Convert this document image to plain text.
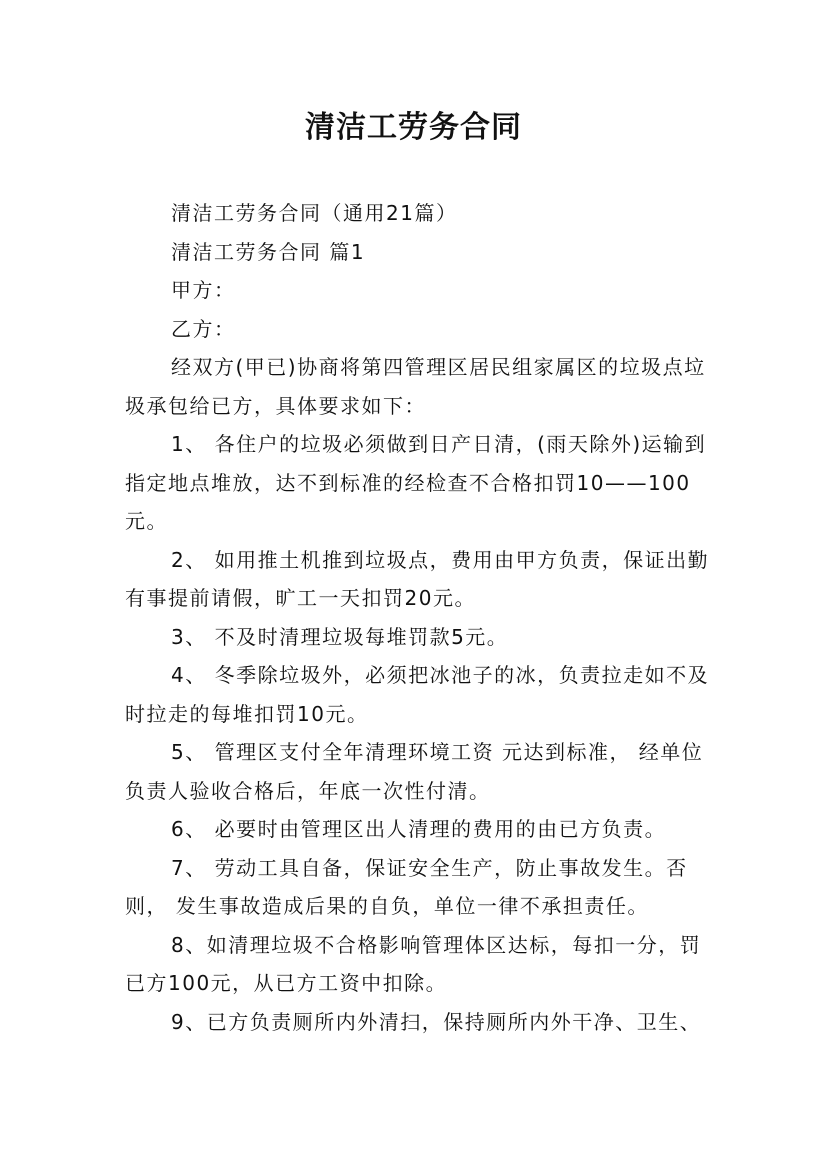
清洁工劳务合同

清洁工劳务合同（通用21篇）

清洁工劳务合同 篇1

甲方：

乙方：

经双方(甲已)协商将第四管理区居民组家属区的垃圾点垃圾承包给已方，具体要求如下：

1、 各住户的垃圾必须做到日产日清，(雨天除外)运输到 指定地点堆放，达不到标准的经检查不合格扣罚10——100元。

2、 如用推土机推到垃圾点，费用由甲方负责，保证出勤 有事提前请假，旷工一天扣罚20元。

3、 不及时清理垃圾每堆罚款5元。

4、 冬季除垃圾外，必须把冰池子的冰，负责拉走如不及时拉走的每堆扣罚10元。

5、 管理区支付全年清理环境工资 元达到标准， 经单位负责人验收合格后，年底一次性付清。

6、 必要时由管理区出人清理的费用的由已方负责。

7、 劳动工具自备，保证安全生产，防止事故发生。否则， 发生事故造成后果的自负，单位一律不承担责任。

8、如清理垃圾不合格影响管理体区达标，每扣一分，罚已方100元，从已方工资中扣除。

9、已方负责厕所内外清扫，保持厕所内外干净、卫生、
